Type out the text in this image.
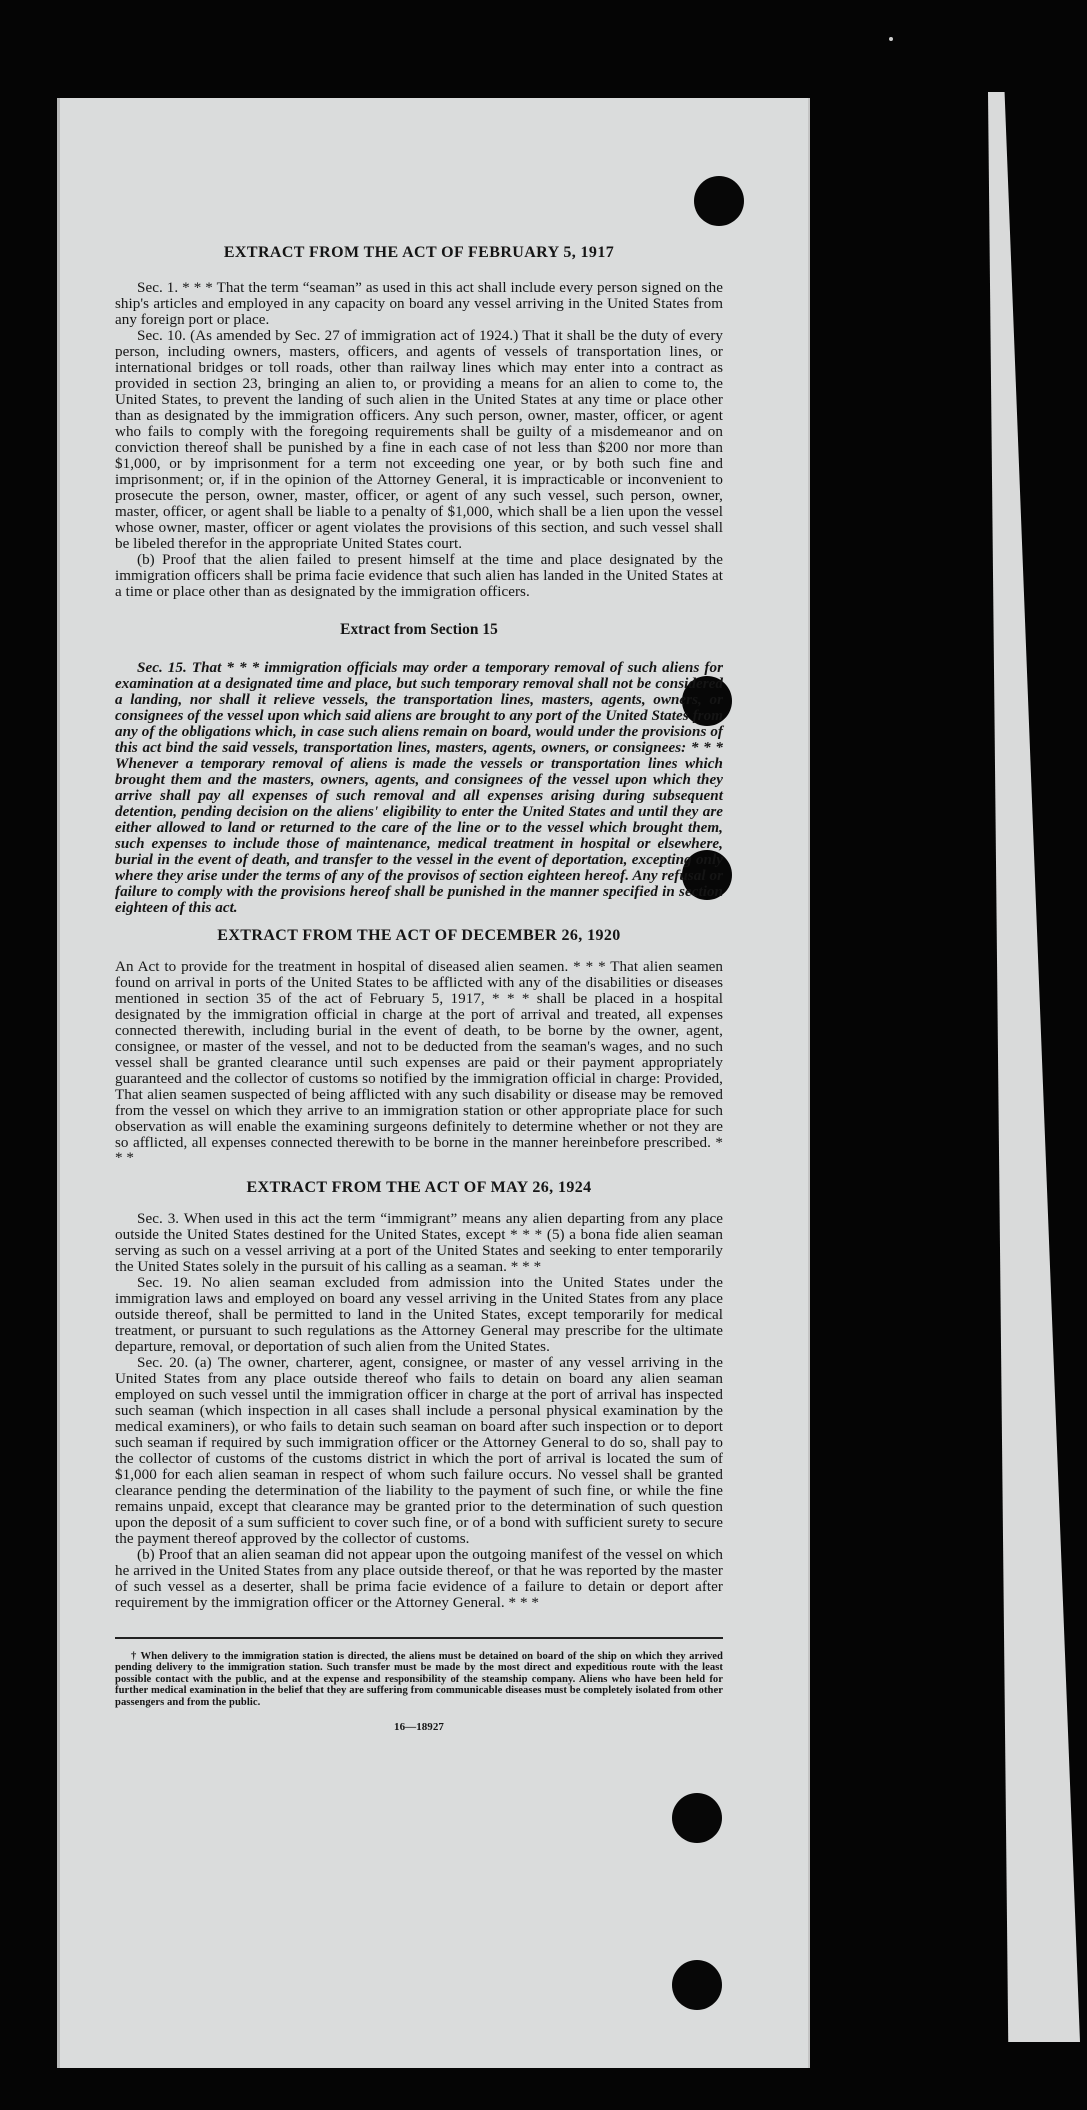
EXTRACT FROM THE ACT OF FEBRUARY 5, 1917

Sec. 1. * * * That the term “seaman” as used in this act shall include every person signed on the ship's articles and employed in any capacity on board any vessel arriving in the United States from any foreign port or place.

Sec. 10. (As amended by Sec. 27 of immigration act of 1924.) That it shall be the duty of every person, including owners, masters, officers, and agents of vessels of transportation lines, or international bridges or toll roads, other than railway lines which may enter into a contract as provided in section 23, bringing an alien to, or providing a means for an alien to come to, the United States, to prevent the landing of such alien in the United States at any time or place other than as designated by the immigration officers. Any such person, owner, master, officer, or agent who fails to comply with the foregoing requirements shall be guilty of a misdemeanor and on conviction thereof shall be punished by a fine in each case of not less than $200 nor more than $1,000, or by imprisonment for a term not exceeding one year, or by both such fine and imprisonment; or, if in the opinion of the Attorney General, it is impracticable or inconvenient to prosecute the person, owner, master, officer, or agent of any such vessel, such person, owner, master, officer, or agent shall be liable to a penalty of $1,000, which shall be a lien upon the vessel whose owner, master, officer or agent violates the provisions of this section, and such vessel shall be libeled therefor in the appropriate United States court.

(b) Proof that the alien failed to present himself at the time and place designated by the immigration officers shall be prima facie evidence that such alien has landed in the United States at a time or place other than as designated by the immigration officers.

Extract from Section 15

Sec. 15. That * * * immigration officials may order a temporary removal of such aliens for examination at a designated time and place, but such temporary removal shall not be considered a landing, nor shall it relieve vessels, the transportation lines, masters, agents, owners, or consignees of the vessel upon which said aliens are brought to any port of the United States from any of the obligations which, in case such aliens remain on board, would under the provisions of this act bind the said vessels, transportation lines, masters, agents, owners, or consignees: * * * Whenever a temporary removal of aliens is made the vessels or transportation lines which brought them and the masters, owners, agents, and consignees of the vessel upon which they arrive shall pay all expenses of such removal and all expenses arising during subsequent detention, pending decision on the aliens' eligibility to enter the United States and until they are either allowed to land or returned to the care of the line or to the vessel which brought them, such expenses to include those of maintenance, medical treatment in hospital or elsewhere, burial in the event of death, and transfer to the vessel in the event of deportation, excepting only where they arise under the terms of any of the provisos of section eighteen hereof. Any refusal or failure to comply with the provisions hereof shall be punished in the manner specified in section eighteen of this act.

EXTRACT FROM THE ACT OF DECEMBER 26, 1920

An Act to provide for the treatment in hospital of diseased alien seamen. * * * That alien seamen found on arrival in ports of the United States to be afflicted with any of the disabilities or diseases mentioned in section 35 of the act of February 5, 1917, * * * shall be placed in a hospital designated by the immigration official in charge at the port of arrival and treated, all expenses connected therewith, including burial in the event of death, to be borne by the owner, agent, consignee, or master of the vessel, and not to be deducted from the seaman's wages, and no such vessel shall be granted clearance until such expenses are paid or their payment appropriately guaranteed and the collector of customs so notified by the immigration official in charge: Provided, That alien seamen suspected of being afflicted with any such disability or disease may be removed from the vessel on which they arrive to an immigration station or other appropriate place for such observation as will enable the examining surgeons definitely to determine whether or not they are so afflicted, all expenses connected therewith to be borne in the manner hereinbefore prescribed. * * *

EXTRACT FROM THE ACT OF MAY 26, 1924

Sec. 3. When used in this act the term “immigrant” means any alien departing from any place outside the United States destined for the United States, except * * * (5) a bona fide alien seaman serving as such on a vessel arriving at a port of the United States and seeking to enter temporarily the United States solely in the pursuit of his calling as a seaman. * * *

Sec. 19. No alien seaman excluded from admission into the United States under the immigration laws and employed on board any vessel arriving in the United States from any place outside thereof, shall be permitted to land in the United States, except temporarily for medical treatment, or pursuant to such regulations as the Attorney General may prescribe for the ultimate departure, removal, or deportation of such alien from the United States.

Sec. 20. (a) The owner, charterer, agent, consignee, or master of any vessel arriving in the United States from any place outside thereof who fails to detain on board any alien seaman employed on such vessel until the immigration officer in charge at the port of arrival has inspected such seaman (which inspection in all cases shall include a personal physical examination by the medical examiners), or who fails to detain such seaman on board after such inspection or to deport such seaman if required by such immigration officer or the Attorney General to do so, shall pay to the collector of customs of the customs district in which the port of arrival is located the sum of $1,000 for each alien seaman in respect of whom such failure occurs. No vessel shall be granted clearance pending the determination of the liability to the payment of such fine, or while the fine remains unpaid, except that clearance may be granted prior to the determination of such question upon the deposit of a sum sufficient to cover such fine, or of a bond with sufficient surety to secure the payment thereof approved by the collector of customs.

(b) Proof that an alien seaman did not appear upon the outgoing manifest of the vessel on which he arrived in the United States from any place outside thereof, or that he was reported by the master of such vessel as a deserter, shall be prima facie evidence of a failure to detain or deport after requirement by the immigration officer or the Attorney General. * * *

† When delivery to the immigration station is directed, the aliens must be detained on board of the ship on which they arrived pending delivery to the immigration station. Such transfer must be made by the most direct and expeditious route with the least possible contact with the public, and at the expense and responsibility of the steamship company. Aliens who have been held for further medical examination in the belief that they are suffering from communicable diseases must be completely isolated from other passengers and from the public.

16—18927
